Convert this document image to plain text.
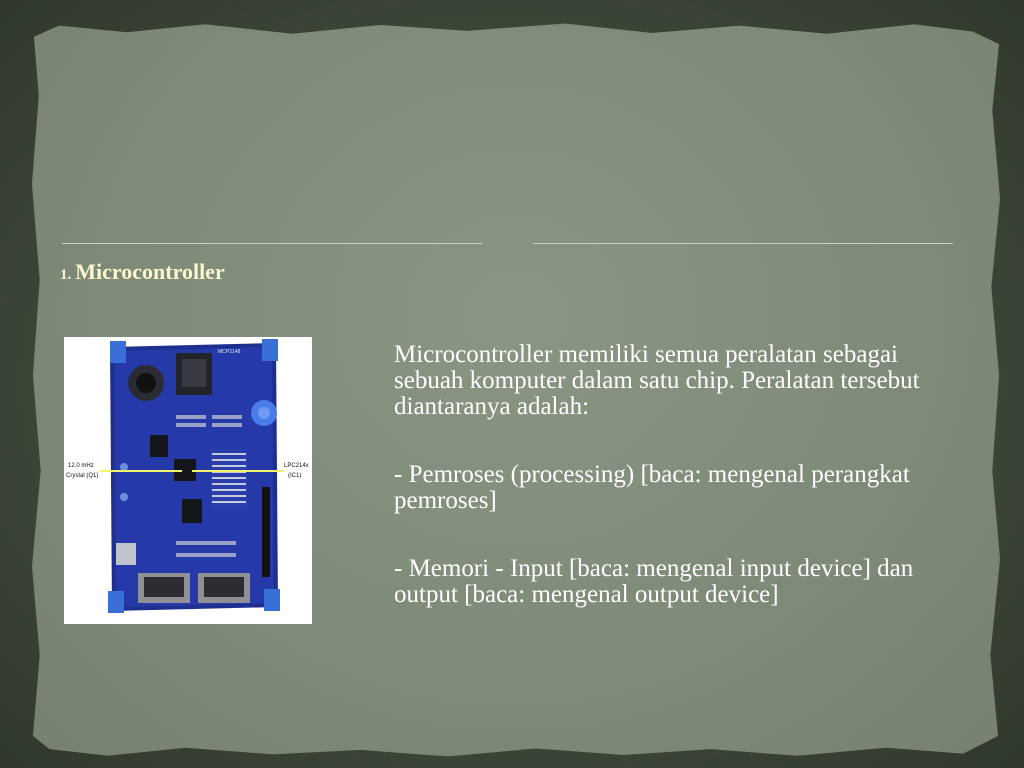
1. Microcontroller
12.0 mHz
Crystal (Q1)
LPC214x
(IC1)
MCP2148	Microcontroller memiliki semua peralatan sebagai sebuah komputer dalam satu chip. Peralatan tersebut diantaranya adalah:

- Pemroses (processing) [baca: mengenal perangkat pemroses]

- Memori - Input [baca: mengenal input device] dan output [baca: mengenal output device]
